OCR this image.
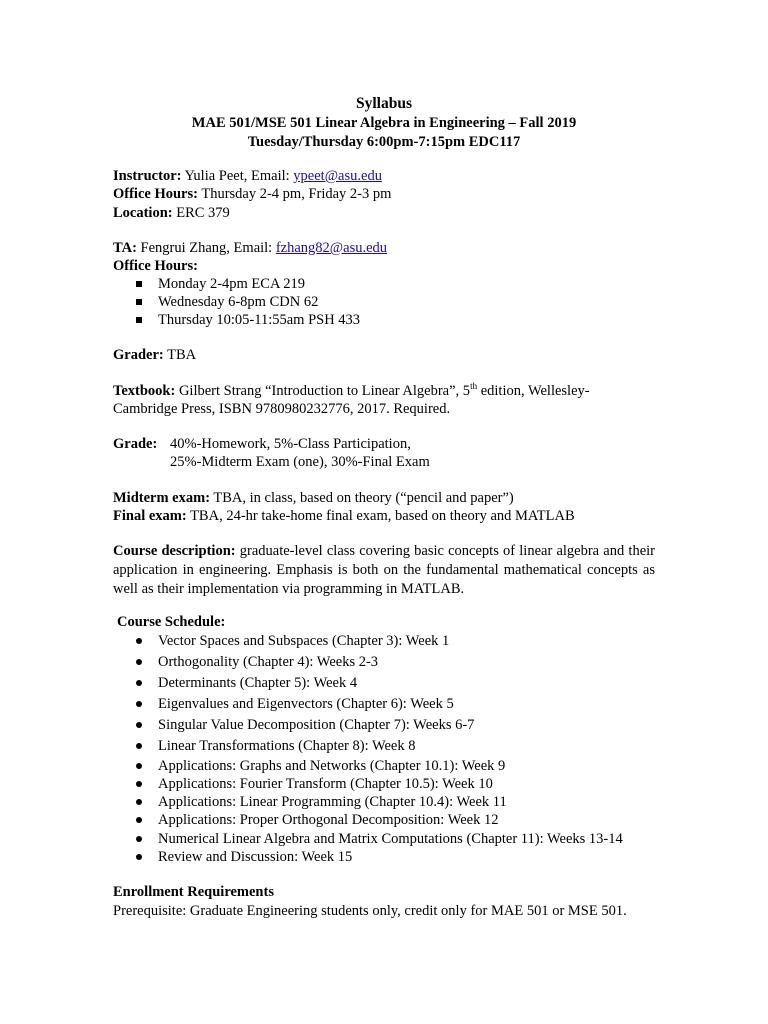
Syllabus
MAE 501/MSE 501 Linear Algebra in Engineering – Fall 2019
Tuesday/Thursday 6:00pm-7:15pm EDC117
Instructor: Yulia Peet, Email: ypeet@asu.edu
Office Hours: Thursday 2-4 pm, Friday 2-3 pm
Location: ERC 379
TA: Fengrui Zhang, Email: fzhang82@asu.edu
Office Hours:
Monday 2-4pm ECA 219
Wednesday 6-8pm CDN 62
Thursday 10:05-11:55am PSH 433
Grader: TBA
Textbook: Gilbert Strang “Introduction to Linear Algebra”, 5th edition, Wellesley-
Cambridge Press, ISBN 9780980232776, 2017. Required.
Grade: 40%-Homework, 5%-Class Participation,
25%-Midterm Exam (one), 30%-Final Exam
Midterm exam: TBA, in class, based on theory (“pencil and paper”)
Final exam: TBA, 24-hr take-home final exam, based on theory and MATLAB
Course description: graduate-level class covering basic concepts of linear algebra and their application in engineering. Emphasis is both on the fundamental mathematical concepts as well as their implementation via programming in MATLAB.
Course Schedule:
Vector Spaces and Subspaces (Chapter 3): Week 1
Orthogonality (Chapter 4): Weeks 2-3
Determinants (Chapter 5): Week 4
Eigenvalues and Eigenvectors (Chapter 6): Week 5
Singular Value Decomposition (Chapter 7): Weeks 6-7
Linear Transformations (Chapter 8): Week 8
Applications: Graphs and Networks (Chapter 10.1): Week 9
Applications: Fourier Transform (Chapter 10.5): Week 10
Applications: Linear Programming (Chapter 10.4): Week 11
Applications: Proper Orthogonal Decomposition: Week 12
Numerical Linear Algebra and Matrix Computations (Chapter 11): Weeks 13-14
Review and Discussion: Week 15
Enrollment Requirements
Prerequisite: Graduate Engineering students only, credit only for MAE 501 or MSE 501.
